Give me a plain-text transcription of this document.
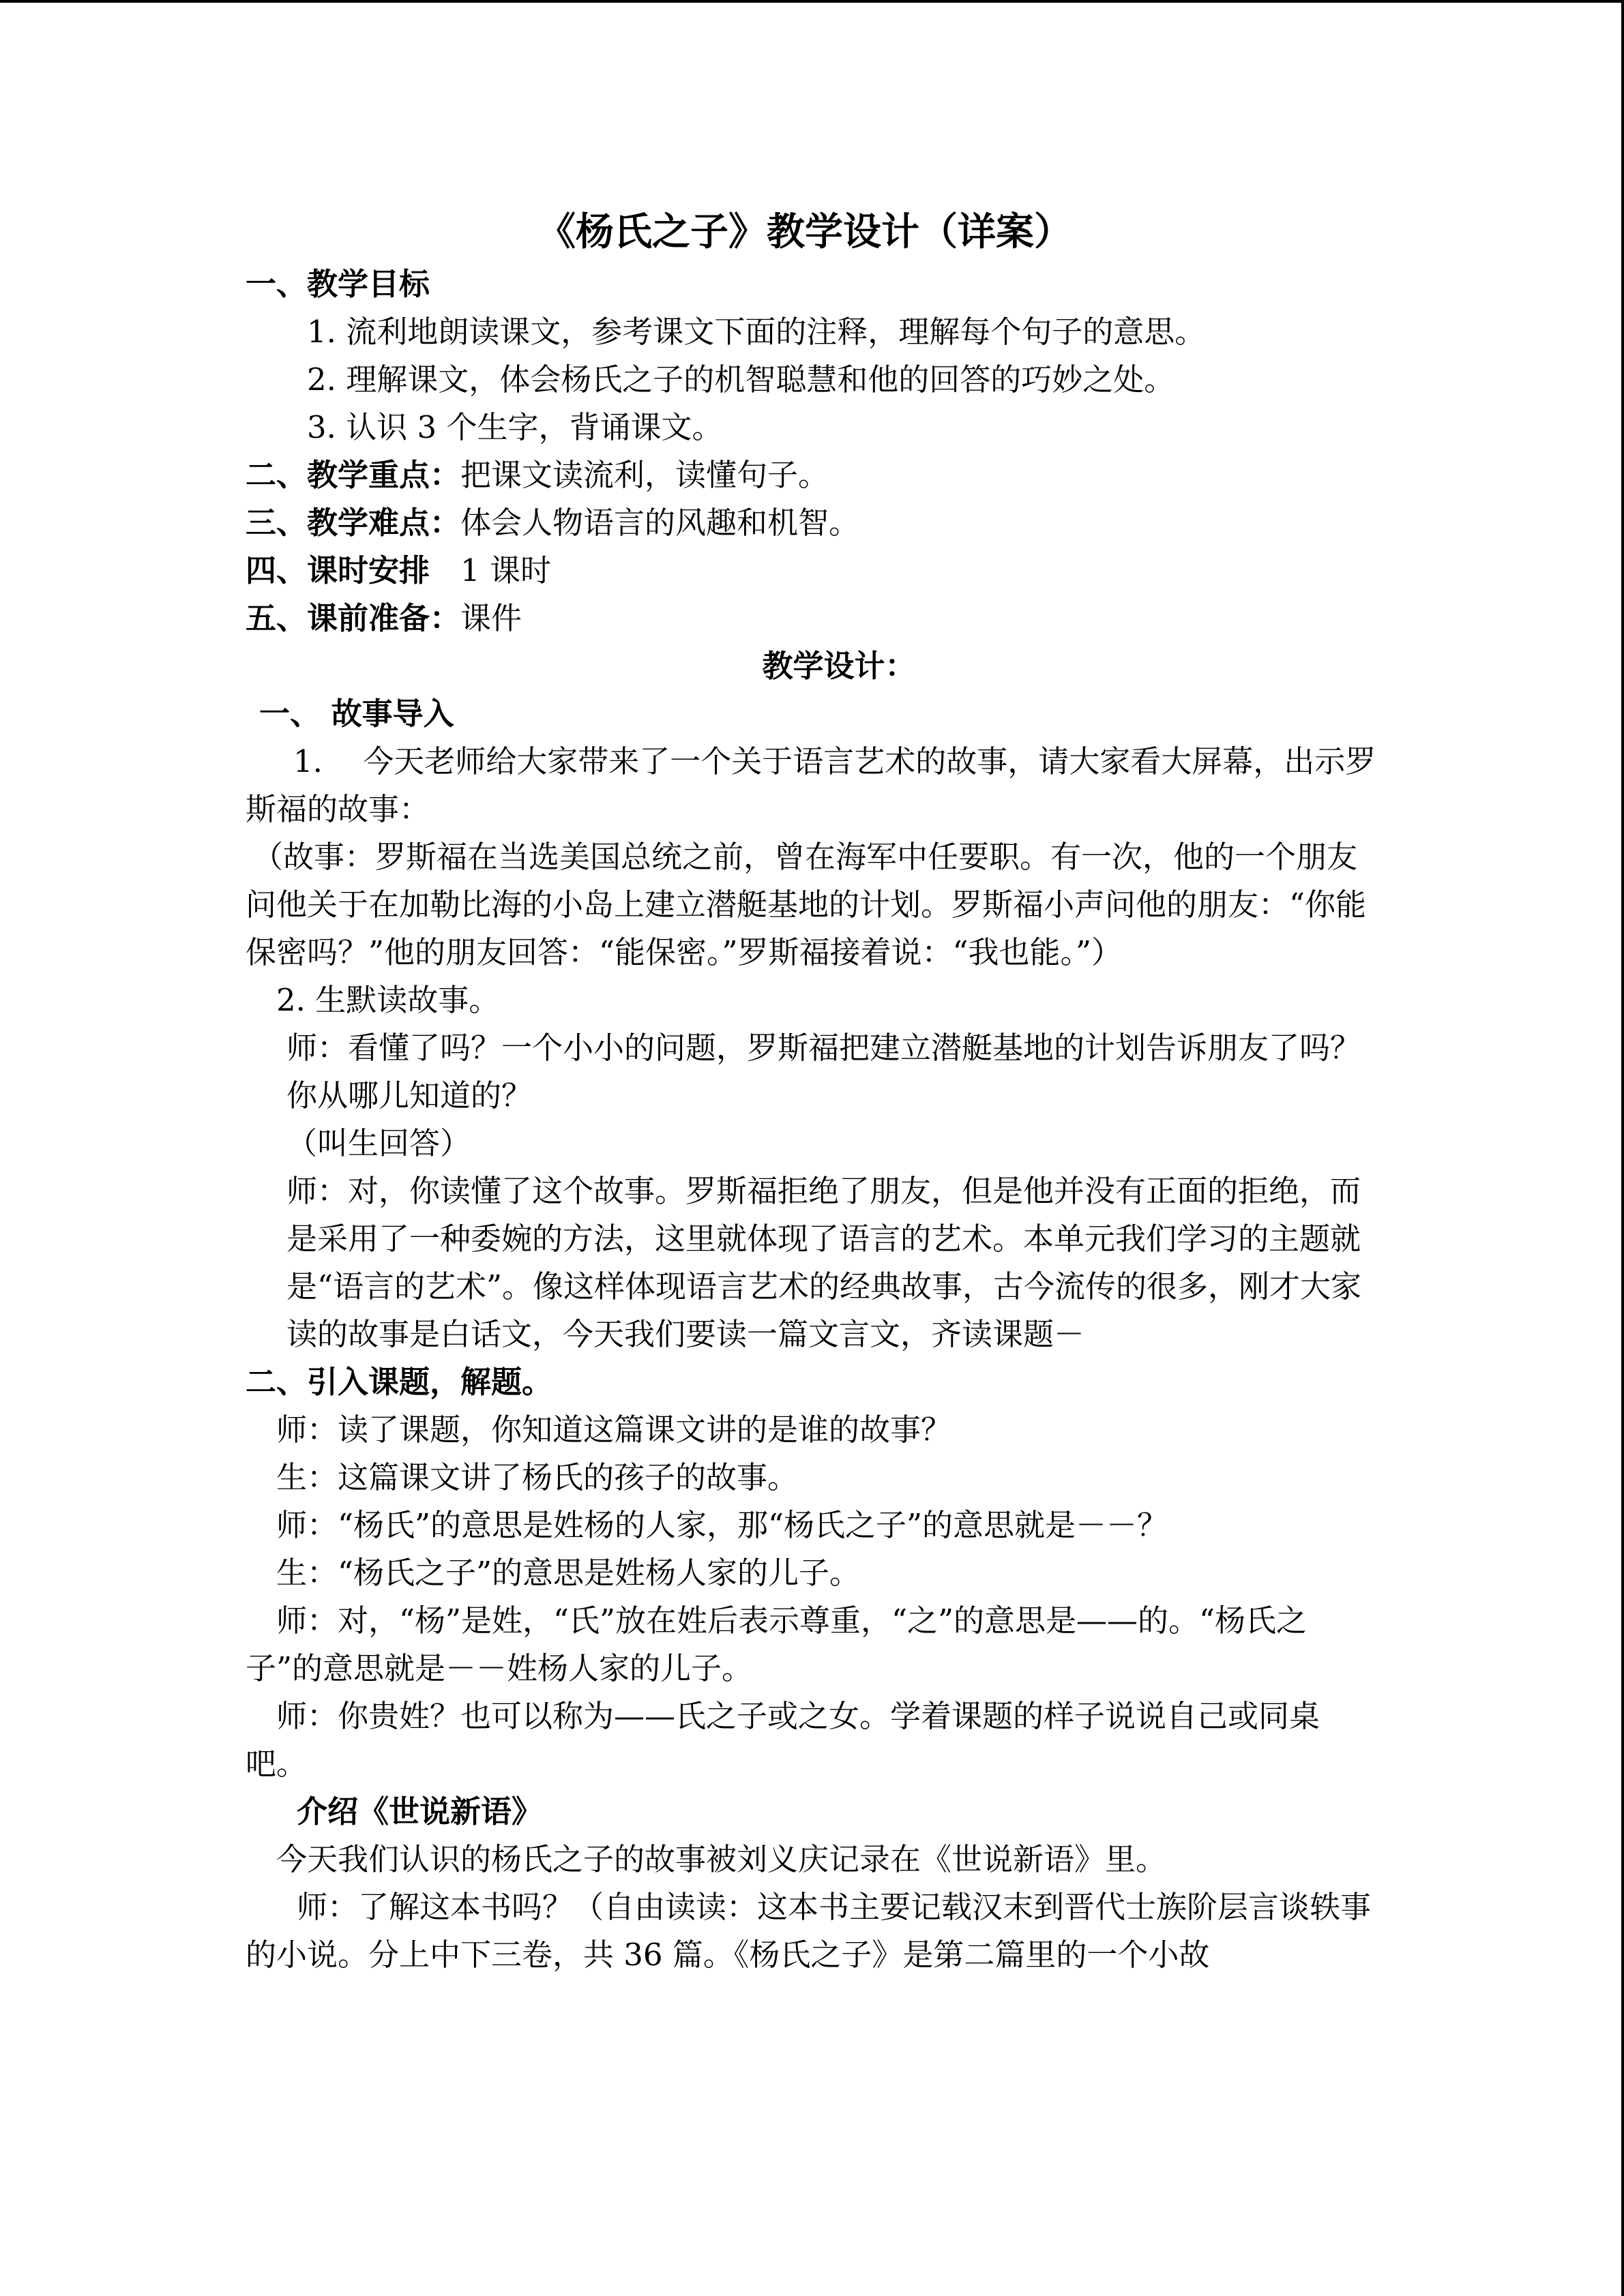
《杨氏之子》教学设计（详案）
一、教学目标
1. 流利地朗读课文，参考课文下面的注释，理解每个句子的意思。
2. 理解课文，体会杨氏之子的机智聪慧和他的回答的巧妙之处。
3. 认识 3 个生字，背诵课文。
二、教学重点：把课文读流利，读懂句子。
三、教学难点：体会人物语言的风趣和机智。
四、课时安排　1 课时
五、课前准备：课件
教学设计：
一、 故事导入
1.　 今天老师给大家带来了一个关于语言艺术的故事，请大家看大屏幕，出示罗斯福的故事：
（故事：罗斯福在当选美国总统之前，曾在海军中任要职。有一次，他的一个朋友问他关于在加勒比海的小岛上建立潜艇基地的计划。罗斯福小声问他的朋友：“你能保密吗？”他的朋友回答：“能保密。”罗斯福接着说：“我也能。”）
2. 生默读故事。
师：看懂了吗？一个小小的问题，罗斯福把建立潜艇基地的计划告诉朋友了吗？你从哪儿知道的？
（叫生回答）
师：对，你读懂了这个故事。罗斯福拒绝了朋友，但是他并没有正面的拒绝，而是采用了一种委婉的方法，这里就体现了语言的艺术。本单元我们学习的主题就是“语言的艺术”。像这样体现语言艺术的经典故事，古今流传的很多，刚才大家读的故事是白话文，今天我们要读一篇文言文，齐读课题－
二、引入课题，解题。
师：读了课题，你知道这篇课文讲的是谁的故事？
生：这篇课文讲了杨氏的孩子的故事。
师：“杨氏”的意思是姓杨的人家，那“杨氏之子”的意思就是－－？
生：“杨氏之子”的意思是姓杨人家的儿子。
师：对，“杨”是姓，“氏”放在姓后表示尊重，“之”的意思是——的。“杨氏之子”的意思就是－－姓杨人家的儿子。
师：你贵姓？也可以称为——氏之子或之女。学着课题的样子说说自己或同桌吧。
介绍《世说新语》
今天我们认识的杨氏之子的故事被刘义庆记录在《世说新语》里。
师：了解这本书吗？（自由读读：这本书主要记载汉末到晋代士族阶层言谈轶事的小说。分上中下三卷，共 36 篇。《杨氏之子》是第二篇里的一个小故
